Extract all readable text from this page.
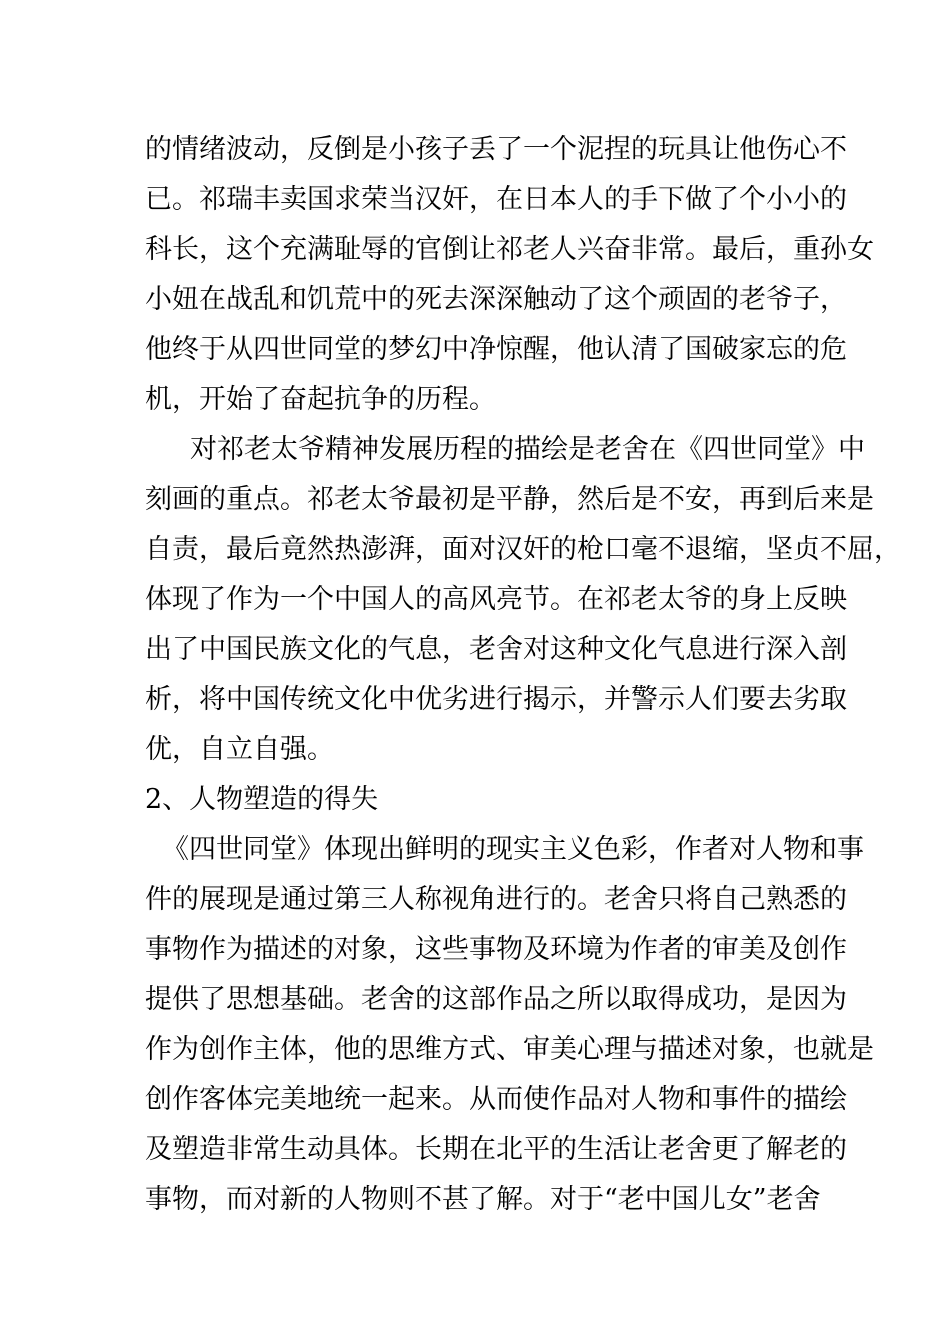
的情绪波动，反倒是小孩子丢了一个泥捏的玩具让他伤心不
已。祁瑞丰卖国求荣当汉奸，在日本人的手下做了个小小的
科长，这个充满耻辱的官倒让祁老人兴奋非常。最后，重孙女
小妞在战乱和饥荒中的死去深深触动了这个顽固的老爷子，
他终于从四世同堂的梦幻中净惊醒，他认清了国破家忘的危
机，开始了奋起抗争的历程。
对祁老太爷精神发展历程的描绘是老舍在《四世同堂》中
刻画的重点。祁老太爷最初是平静，然后是不安，再到后来是
自责，最后竟然热澎湃，面对汉奸的枪口毫不退缩，坚贞不屈，
体现了作为一个中国人的高风亮节。在祁老太爷的身上反映
出了中国民族文化的气息，老舍对这种文化气息进行深入剖
析，将中国传统文化中优劣进行揭示，并警示人们要去劣取
优，自立自强。
2、人物塑造的得失
《四世同堂》体现出鲜明的现实主义色彩，作者对人物和事
件的展现是通过第三人称视角进行的。老舍只将自己熟悉的
事物作为描述的对象，这些事物及环境为作者的审美及创作
提供了思想基础。老舍的这部作品之所以取得成功，是因为
作为创作主体，他的思维方式、审美心理与描述对象，也就是
创作客体完美地统一起来。从而使作品对人物和事件的描绘
及塑造非常生动具体。长期在北平的生活让老舍更了解老的
事物，而对新的人物则不甚了解。对于“老中国儿女”老舍
